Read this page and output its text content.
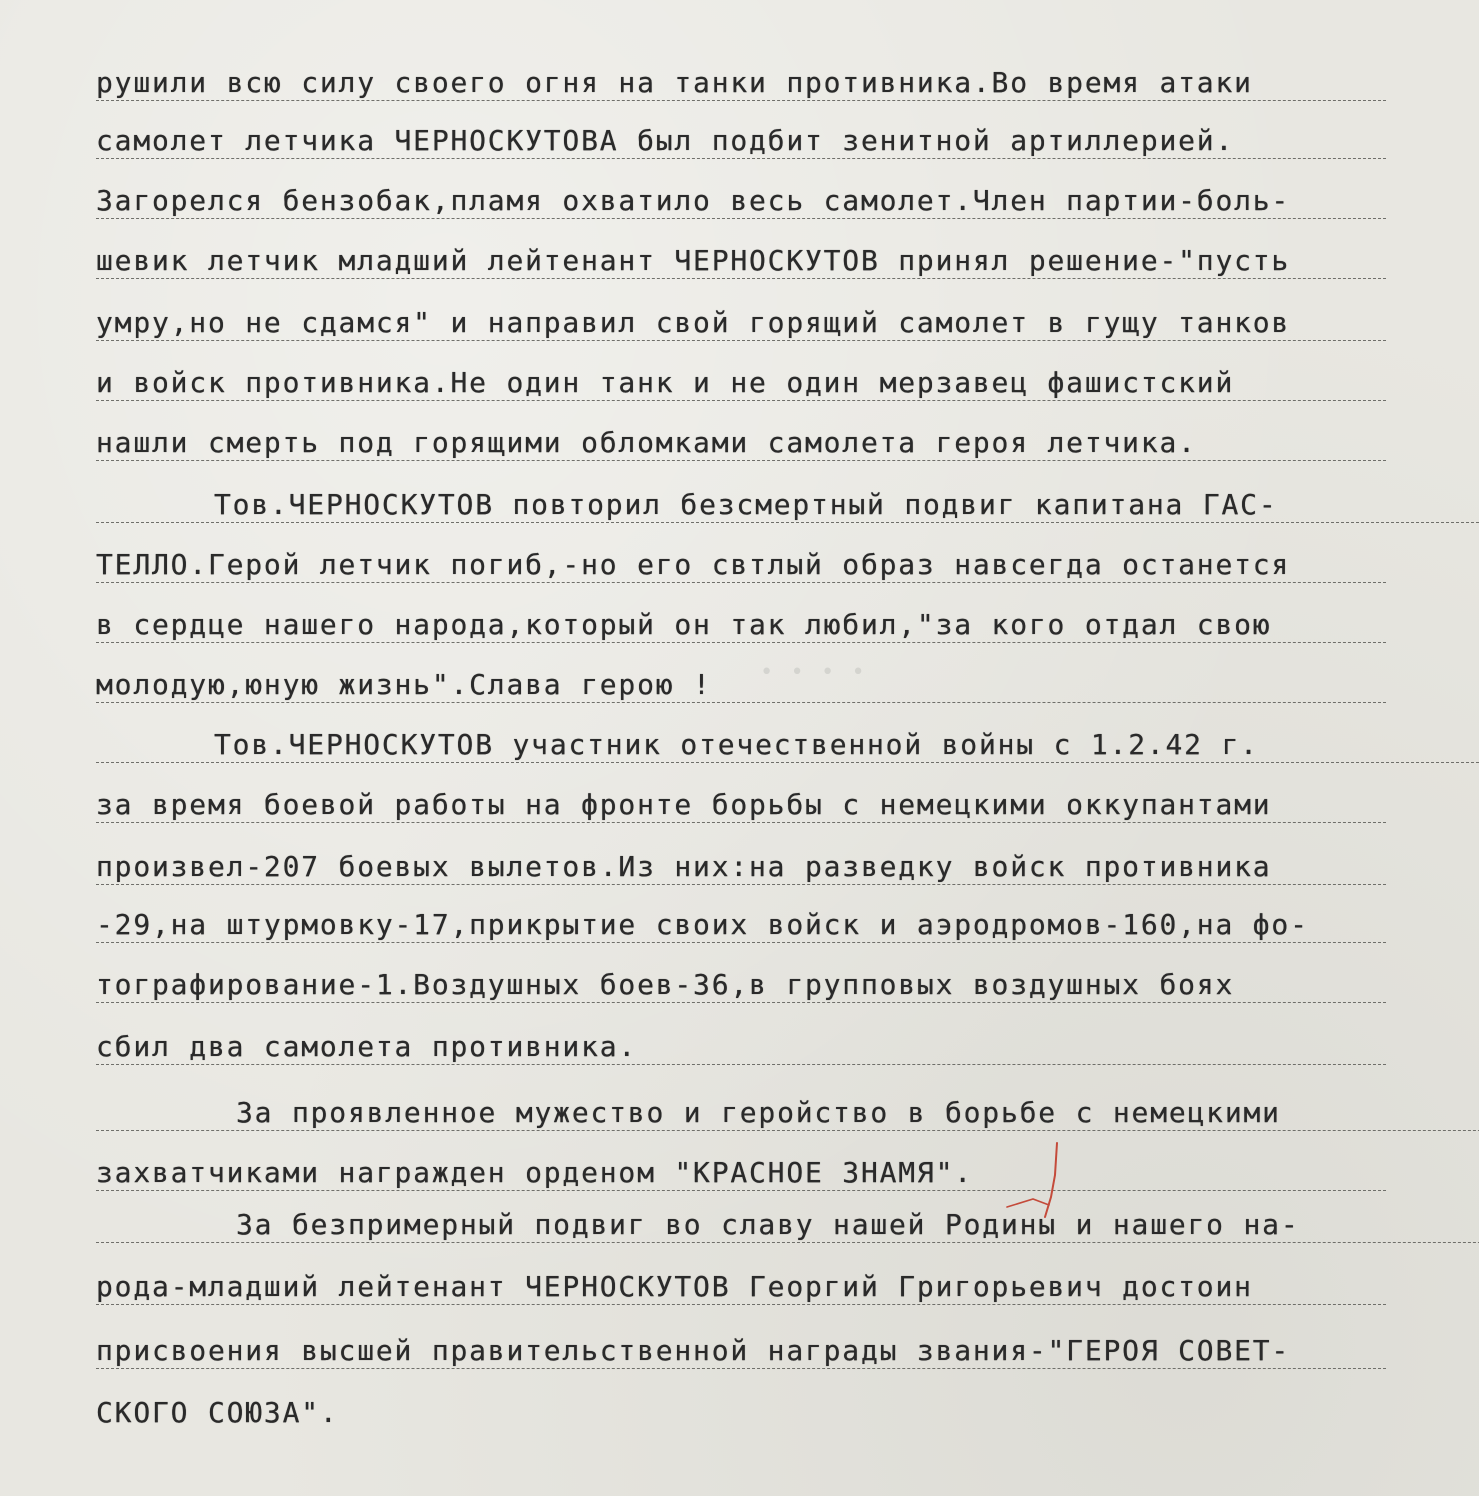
• • • •
рушили всю силу своего огня на танки противника.Во время атаки
самолет летчика ЧЕРНОСКУТОВА был подбит зенитной артиллерией.
Загорелся бензобак,пламя охватило весь самолет.Член партии-боль-
шевик летчик младший лейтенант ЧЕРНОСКУТОВ принял решение-"пусть
умру,но не сдамся" и направил свой горящий самолет в гущу танков
и войск противника.Не один танк и не один мерзавец фашистский
нашли смерть под горящими обломками самолета героя летчика.
Тов.ЧЕРНОСКУТОВ повторил безсмертный подвиг капитана ГАС-
ТЕЛЛО.Герой летчик погиб,-но его свтлый образ навсегда останется
в сердце нашего народа,который он так любил,"за кого отдал свою
молодую,юную жизнь".Слава герою !
Тов.ЧЕРНОСКУТОВ участник отечественной войны с 1.2.42 г.
за время боевой работы на фронте борьбы с немецкими оккупантами
произвел-207 боевых вылетов.Из них:на разведку войск противника
-29,на штурмовку-17,прикрытие своих войск и аэродромов-160,на фо-
тографирование-1.Воздушных боев-36,в групповых воздушных боях
сбил два самолета противника.
За проявленное мужество и геройство в борьбе с немецкими
захватчиками награжден орденом "КРАСНОЕ ЗНАМЯ".
За безпримерный подвиг во славу нашей Родины и нашего на-
рода-младший лейтенант ЧЕРНОСКУТОВ Георгий Григорьевич достоин
присвоения высшей правительственной награды звания-"ГЕРОЯ СОВЕТ-
СКОГО СОЮЗА".
